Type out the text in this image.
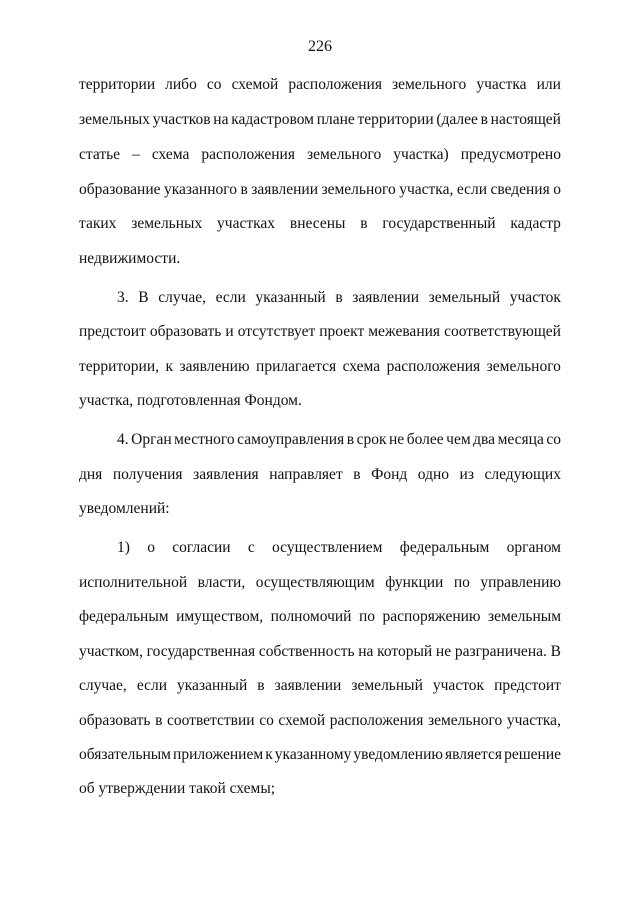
226
территории либо со схемой расположения земельного участка или
земельных участков на кадастровом плане территории (далее в настоящей
статье – схема расположения земельного участка) предусмотрено
образование указанного в заявлении земельного участка, если сведения о
таких земельных участках внесены в государственный кадастр
недвижимости.
3. В случае, если указанный в заявлении земельный участок
предстоит образовать и отсутствует проект межевания соответствующей
территории, к заявлению прилагается схема расположения земельного
участка, подготовленная Фондом.
4. Орган местного самоуправления в срок не более чем два месяца со
дня получения заявления направляет в Фонд одно из следующих
уведомлений:
1) о согласии с осуществлением федеральным органом
исполнительной власти, осуществляющим функции по управлению
федеральным имуществом, полномочий по распоряжению земельным
участком, государственная собственность на который не разграничена. В
случае, если указанный в заявлении земельный участок предстоит
образовать в соответствии со схемой расположения земельного участка,
обязательным приложением к указанному уведомлению является решение
об утверждении такой схемы;
